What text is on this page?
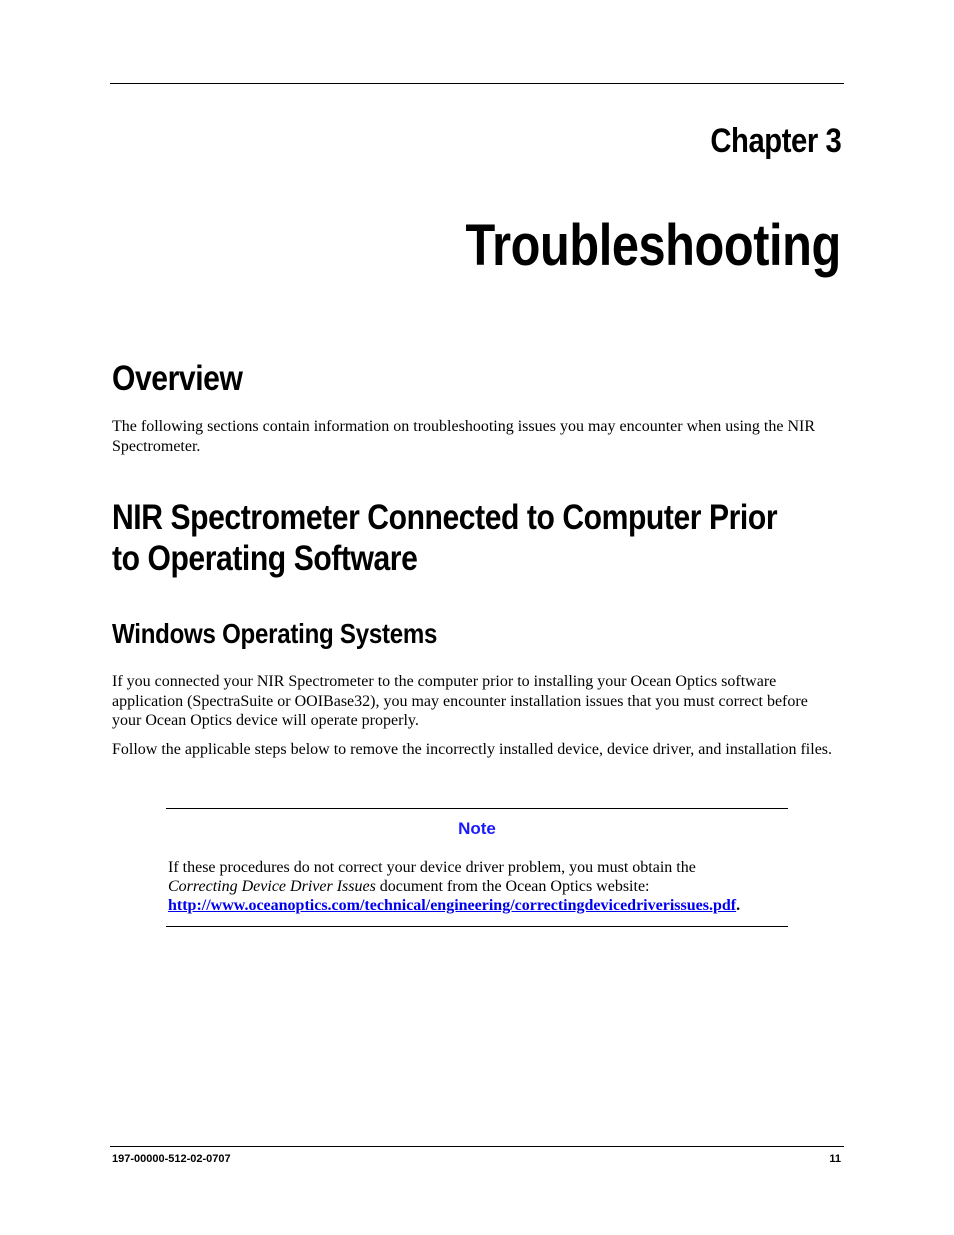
Chapter 3
Troubleshooting
Overview

The following sections contain information on troubleshooting issues you may encounter when using the NIR Spectrometer.

NIR Spectrometer Connected to Computer Prior
to Operating Software
Windows Operating Systems

If you connected your NIR Spectrometer to the computer prior to installing your Ocean Optics software application (SpectraSuite or OOIBase32), you may encounter installation issues that you must correct before your Ocean Optics device will operate properly.

Follow the applicable steps below to remove the incorrectly installed device, device driver, and installation files.

Note

If these procedures do not correct your device driver problem, you must obtain the
Correcting Device Driver Issues document from the Ocean Optics website:
http://www.oceanoptics.com/technical/engineering/correctingdevicedriverissues.pdf.

197-00000-512-02-0707	11
